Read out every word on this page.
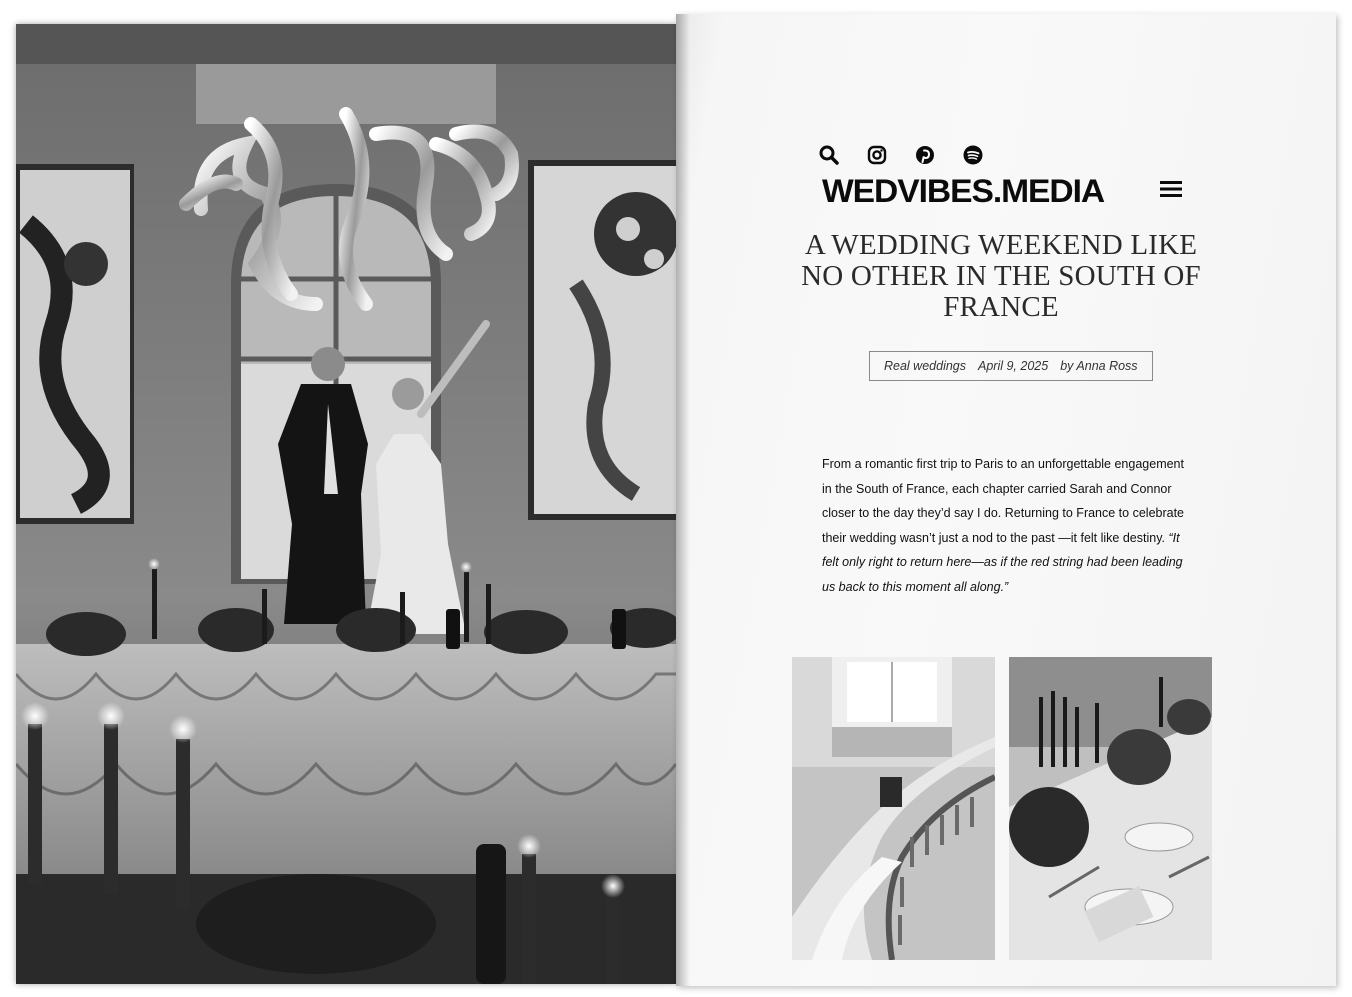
WEDVIBES.MEDIA
A WEDDING WEEKEND LIKE NO OTHER IN THE SOUTH OF FRANCE
Real weddings April 9, 2025 by Anna Ross
From a romantic first trip to Paris to an unforgettable engagement in the South of France, each chapter carried Sarah and Connor closer to the day they’d say I do. Returning to France to celebrate their wedding wasn’t just a nod to the past —it felt like destiny. “It felt only right to return here—as if the red string had been leading us back to this moment all along.”
